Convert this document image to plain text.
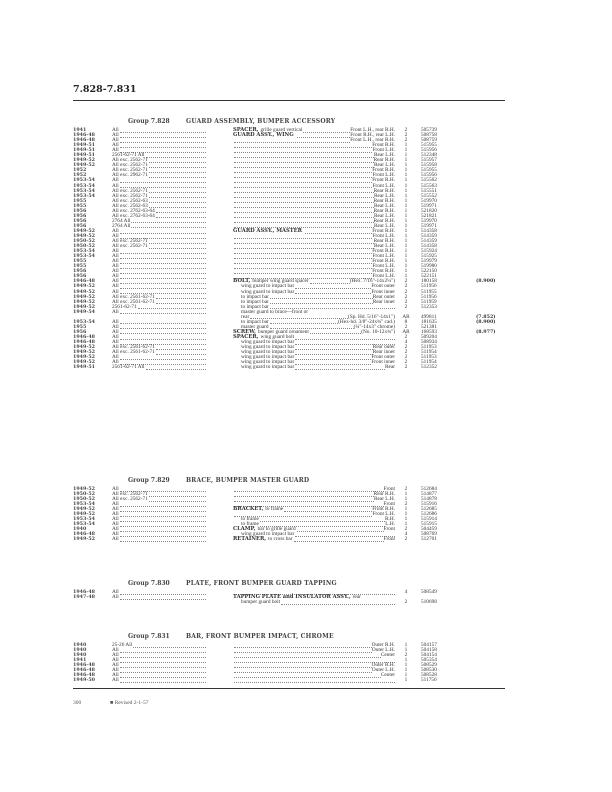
7.828-7.831
Group 7.828	GUARD ASSEMBLY, BUMPER ACCESSORY
1941	All	SPACER, grille guard vertical	Front L.H., rear R.H.	2	505739
1946-48	All	GUARD ASSY., WING	Front R.H., rear L.H.	2	508758
1946-48	All	Front L.H., rear R.H.	2	508759
1949-51	All	Front R.H.	1	515955
1949-51	All	Front L.H.	1	515956
1949-51	2561-62-71 All	Rear L.H.	1	512348
1949-52	All exc. 2562-71	Rear R.H.	1	515957
1949-52	All exc. 2562-71	Rear L.H.	1	515958
1952	All exc. 2562-71	Front R.H.	1	515955
1952	All exc. 2962-71	Front L.H.	1	515956
1953-54	All	Front R.H.	1	515562
1953-54	All	Front L.H.	1	515563
1953-54	All exc. 2562-71	Rear R.H.	1	515551
1953-54	All exc. 2562-71	Rear L.H.	1	515552
1955	All exc. 2562-63	Rear R.H.	1	519970
1955	All exc. 2562-63	Rear L.H.	1	519971
1956	All exc. 2762-63-64	Rear R.H.	1	521820
1956	All exc. 2762-63-64	Rear L.H.	1	521821
1956	2764 All	Rear R.H.	1	519970
1956	2764 All	Rear L.H.	1	519971
1949-52	All	GUARD ASSY., MASTER	Front R.H.	1	514358
1949-52	All	Front L.H.	1	514359
1950-52	All exc. 2562-71	Rear R.H.	1	514359
1950-52	All exc. 2562-71	Rear L.H.	1	514358
1953-54	All	Front R.H.	1	515924
1953-54	All	Front L.H.	1	515925
1955	All	Front R.H.	1	519979
1955	All	Front L.H.	1	519980
1956	All	Front R.H.	1	522150
1956	All	Front L.H.	1	522151
1946-48	All	BOLT, bumper wing guard spacer	(Hex. 7/16"-14x2¼")	2	180158	(8.900)
1949-52	All	wing guard to impact bar	Front outer	2	511956
1949-52	All	wing guard to impact bar	Front inner	2	511955
1949-52	All exc. 2561-62-71	to impact bar	Rear outer	2	511956
1949-52	All exc. 2561-62-71	to impact bar	Rear inner	2	511959
1949-52	2561-62-71	to impact bar	2	512353
1949-54	All	master guard to brace—front or
rear	(Sp. Hd. 5/16"-14x1") AR 499811	(7.852)
1953-54	All	to impact bar	(Hex-hd. 3/8"-24x¾" cad.)	8	181635	(8.900)
1955	All	master guard	(¼"-14x3" chrome)	2	521381
1956	All	SCREW, bumper guard ornament	(No. 10-12x¾") AR 168593	(8.977)
1946-48	All	SPACER, wing guard bolt	2	509204
1946-48	All	wing guard to impact bar	4	508934
1949-52	All exc. 2561-62-71	wing guard to impact bar	Rear outer	2	511953
1949-52	All exc. 2561-62-71	wing guard to impact bar	Rear inner	2	511954
1949-52	All	wing guard to impact bar	Front outer	2	511953
1949-52	All	wing guard to impact bar	Front inner	2	511954
1949-51	2561-62-71 All	wing guard to impact bar	Rear	2	512352
Group 7.829	BRACE, BUMPER MASTER GUARD
1949-52	All	Front	2	512684
1950-52	All exc. 2562-71	Rear R.H.	1	514877
1950-52	All exc. 2562-71	Rear L.H.	1	514878
1953-54	All	Front	2	515916
1949-52	All	BRACKET, to frame	Front R.H.	1	512685
1949-52	All	Front L.H.	1	512686
1953-54	All	to frame	R.H.	1	515914
1953-54	All	to frame	L.H.	1	515915
1940	All	CLAMP, bar to grille guard	Front	2	504459
1946-48	All	wing guard to impact bar	4	508769
1949-52	All	RETAINER, to cross bar	Front	2	512701
Group 7.830	PLATE, FRONT BUMPER GUARD TAPPING
1946-48	All	4	508549
1947-48	All	TAPPING PLATE and INSULATOR ASSY., rear
bumper guard bolt	2	510698
Group 7.831	BAR, FRONT BUMPER IMPACT, CHROME
1940	25-26 All	Outer R.H.	1	504157
1940	All	Outer L.H.	1	504158
1940	All	Center	2	504154
1941	All	1	505354
1946-48	All	Outer R.H.	1	508529
1946-48	All	Outer L.H.	1	508530
1946-48	All	Center	1	508528
1949-50	All	1	511756
300	■ Revised 2-1-57
